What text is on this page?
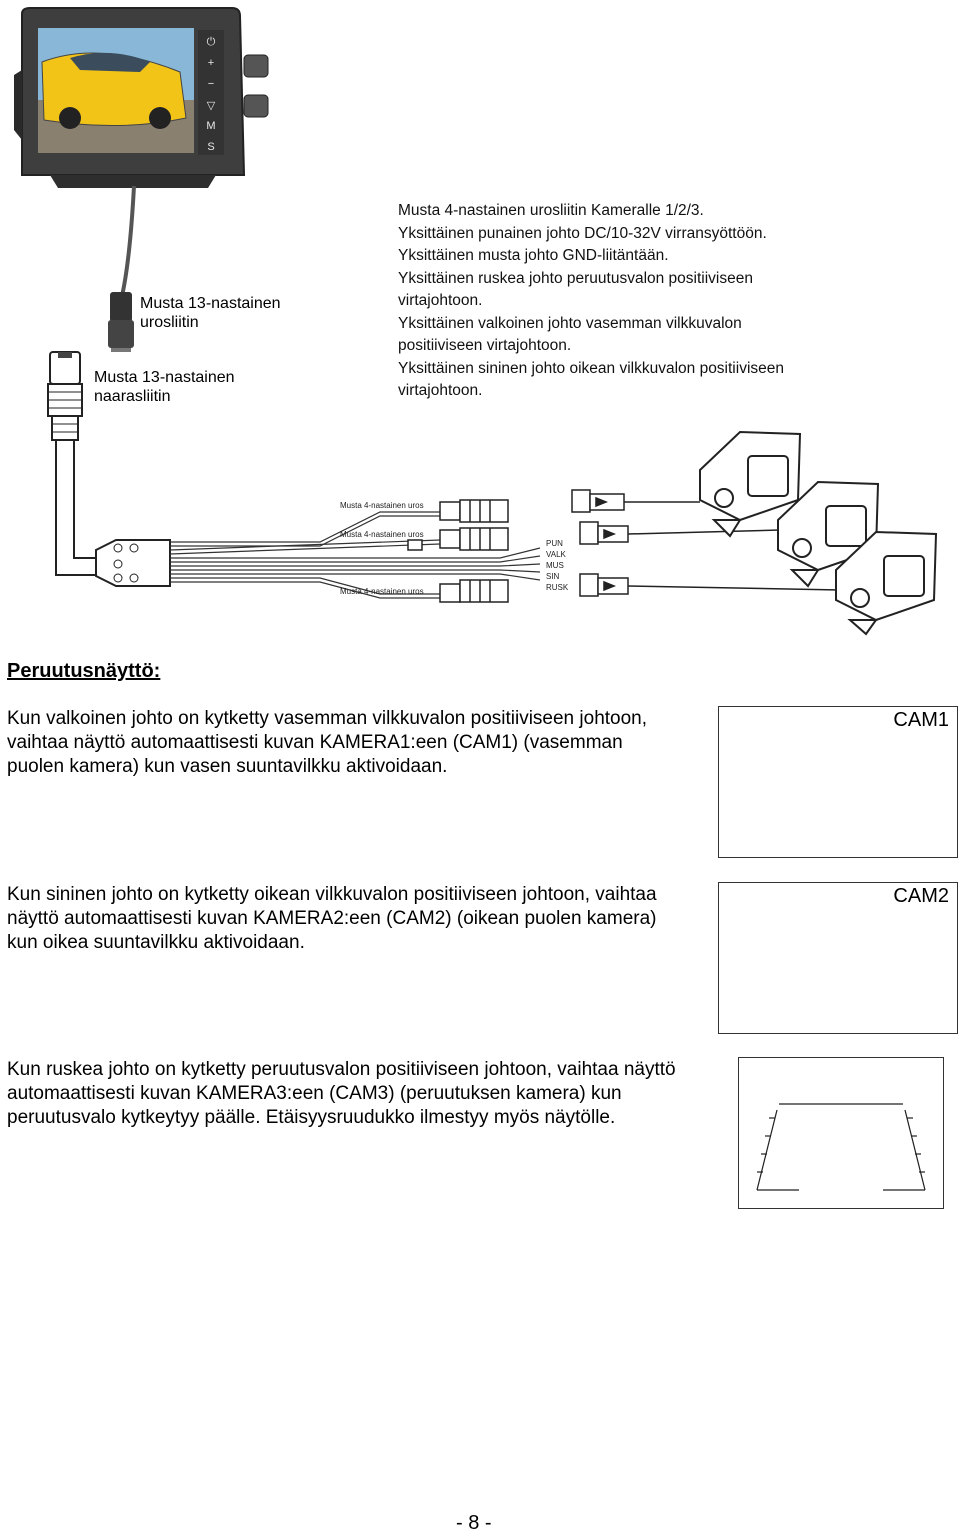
⏻
+
−
▽
M
S
Musta 13-nastainen urosliitin
Musta 13-nastainen naarasliitin
Musta 4-nastainen urosliitin Kameralle 1/2/3.
Yksittäinen punainen johto DC/10-32V virransyöttöön.
Yksittäinen musta johto GND-liitäntään.
Yksittäinen ruskea johto peruutusvalon positiiviseen
virtajohtoon.
Yksittäinen valkoinen johto vasemman vilkkuvalon
positiiviseen virtajohtoon.
Yksittäinen sininen johto oikean vilkkuvalon positiiviseen
virtajohtoon.
Musta 4-nastainen uros
Musta 4-nastainen uros
Musta 4-nastainen uros
PUN
VALK
MUS
SIN
RUSK
Peruutusnäyttö:
Kun valkoinen johto on kytketty vasemman vilkkuvalon positiiviseen johtoon, vaihtaa näyttö automaattisesti kuvan KAMERA1:een (CAM1) (vasemman puolen kamera) kun vasen suuntavilkku aktivoidaan.
CAM1
Kun sininen johto on kytketty oikean vilkkuvalon positiiviseen johtoon, vaihtaa näyttö automaattisesti kuvan KAMERA2:een (CAM2) (oikean puolen kamera) kun oikea suuntavilkku aktivoidaan.
CAM2
Kun ruskea johto on kytketty peruutusvalon positiiviseen johtoon, vaihtaa näyttö automaattisesti kuvan KAMERA3:een (CAM3) (peruutuksen kamera) kun peruutusvalo kytkeytyy päälle. Etäisyysruudukko ilmestyy myös näytölle.
- 8 -
